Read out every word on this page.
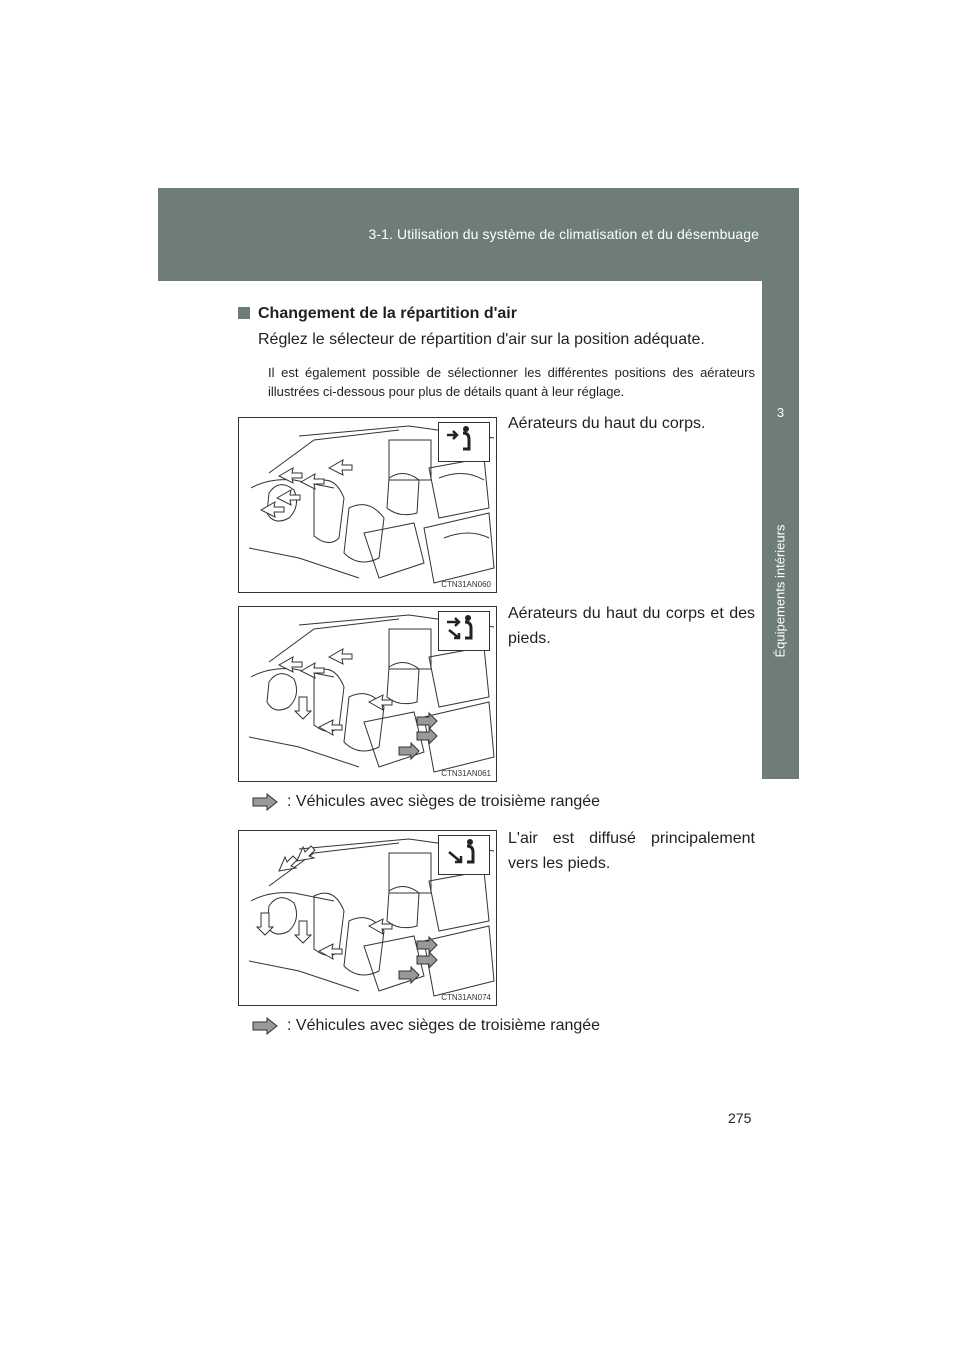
3-1. Utilisation du système de climatisation et du désembuage
3
Équipements intérieurs
Changement de la répartition d'air
Réglez le sélecteur de répartition d'air sur la position adéquate.
Il est également possible de sélectionner les différentes positions des aérateurs illustrées ci-dessous pour plus de détails quant à leur réglage.
CTN31AN060
Aérateurs du haut du corps.
CTN31AN061
Aérateurs du haut du corps et des pieds.
: Véhicules avec sièges de troisième rangée
CTN31AN074
L'air est diffusé principalement vers les pieds.
: Véhicules avec sièges de troisième rangée
275
